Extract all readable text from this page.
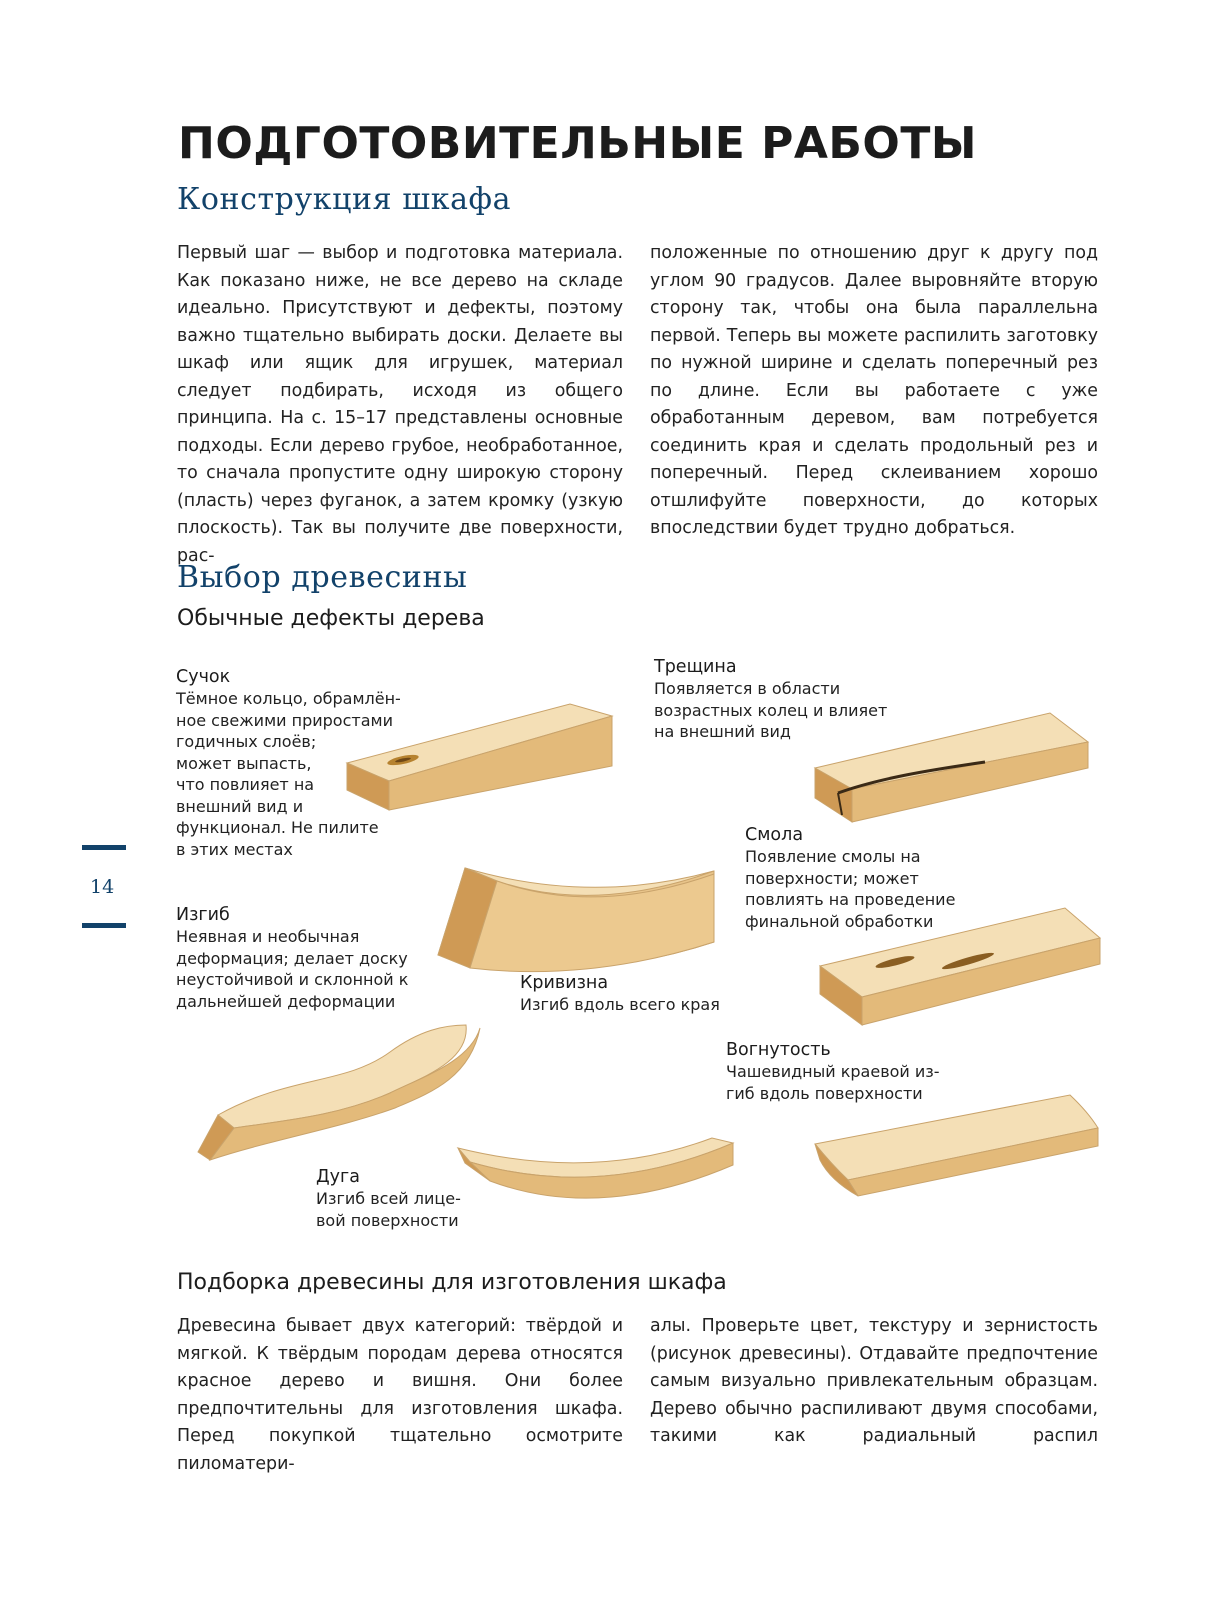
ПОДГОТОВИТЕЛЬНЫЕ РАБОТЫ
Конструкция шкафа
Первый шаг — выбор и подготовка материала. Как показано ниже, не все дерево на складе идеально. Присутствуют и дефекты, поэтому важно тщательно выбирать доски. Делаете вы шкаф или ящик для игрушек, материал следует подбирать, исходя из общего принципа. На с. 15–17 представлены основные подходы. Если дерево грубое, необработанное, то сначала пропустите одну широкую сторону (пласть) через фуганок, а затем кромку (узкую плоскость). Так вы получите две поверхности, рас-
положенные по отношению друг к другу под углом 90 градусов. Далее выровняйте вторую сторону так, чтобы она была параллельна первой. Теперь вы можете распилить заготовку по нужной ширине и сделать поперечный рез по длине. Если вы работаете с уже обработанным деревом, вам потребуется соединить края и сделать продольный рез и поперечный. Перед склеиванием хорошо отшлифуйте поверхности, до которых впоследствии будет трудно добраться.
Выбор древесины
Обычные дефекты дерева
14
Сучок
Тёмное кольцо, обрамлён-
ное свежими приростами
годичных слоёв;
может выпасть,
что повлияет на
внешний вид и
функционал. Не пилите
в этих местах
Трещина
Появляется в области
возрастных колец и влияет
на внешний вид
Смола
Появление смолы на
поверхности; может
повлиять на проведение
финальной обработки
Изгиб
Неявная и необычная
деформация; делает доску
неустойчивой и склонной к
дальнейшей деформации
Кривизна
Изгиб вдоль всего края
Вогнутость
Чашевидный краевой из-
гиб вдоль поверхности
Дуга
Изгиб всей лице-
вой поверхности
Подборка древесины для изготовления шкафа
Древесина бывает двух категорий: твёрдой и мягкой. К твёрдым породам дерева относятся красное дерево и вишня. Они более предпочтительны для изготовления шкафа. Перед покупкой тщательно осмотрите пиломатери-
алы. Проверьте цвет, текстуру и зернистость (рисунок древесины). Отдавайте предпочтение самым визуально привлекательным образцам. Дерево обычно распиливают двумя способами, такими как радиальный распил
